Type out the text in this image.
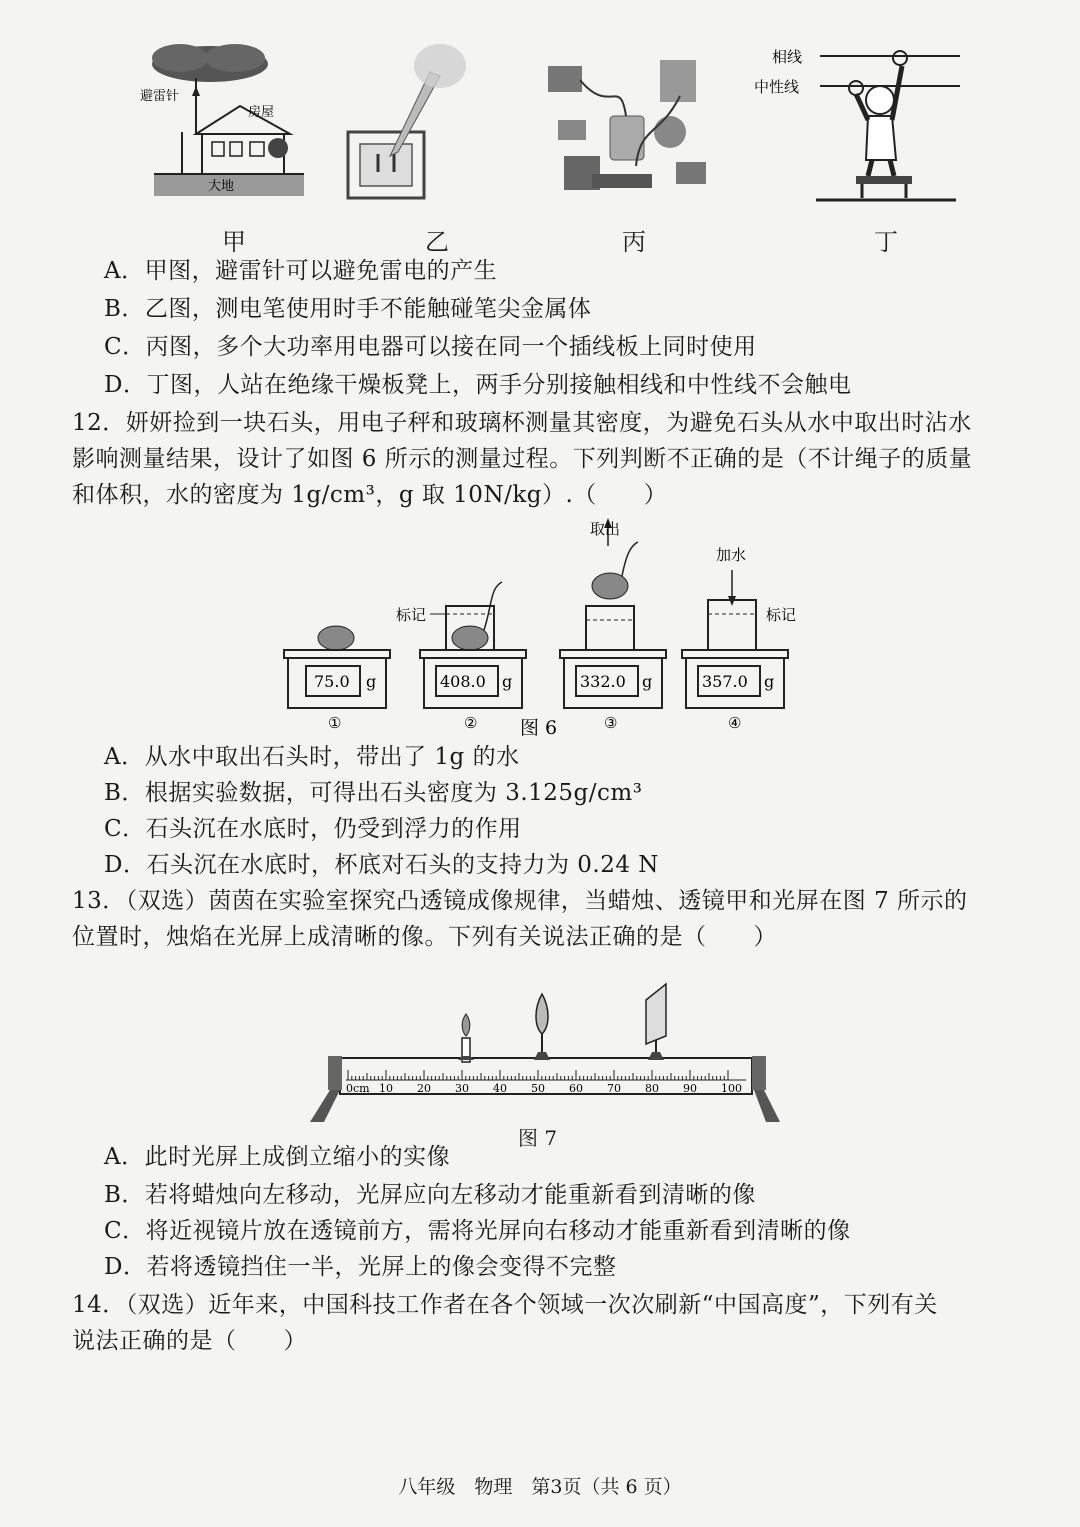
避雷针
房屋
大地
相线
中性线
甲	乙	丙	丁
A．甲图，避雷针可以避免雷电的产生
B．乙图，测电笔使用时手不能触碰笔尖金属体
C．丙图，多个大功率用电器可以接在同一个插线板上同时使用
D．丁图，人站在绝缘干燥板凳上，两手分别接触相线和中性线不会触电
12．妍妍捡到一块石头，用电子秤和玻璃杯测量其密度，为避免石头从水中取出时沾水
影响测量结果，设计了如图 6 所示的测量过程。下列判断不正确的是（不计绳子的质量
和体积，水的密度为 1g/cm³，g 取 10N/kg）.（　　）
75.0 g
①
标记
408.0 g
②
取出
332.0 g
③
加水
标记
357.0 g
④
图 6
A．从水中取出石头时，带出了 1g 的水
B．根据实验数据，可得出石头密度为 3.125g/cm³
C．石头沉在水底时，仍受到浮力的作用
D．石头沉在水底时，杯底对石头的支持力为 0.24 N
13．（双选）茵茵在实验室探究凸透镜成像规律，当蜡烛、透镜甲和光屏在图 7 所示的
位置时，烛焰在光屏上成清晰的像。下列有关说法正确的是（　　）
0cm 10 20 30 40 50 60 70 80 90 100
图 7
A．此时光屏上成倒立缩小的实像
B．若将蜡烛向左移动，光屏应向左移动才能重新看到清晰的像
C．将近视镜片放在透镜前方，需将光屏向右移动才能重新看到清晰的像
D．若将透镜挡住一半，光屏上的像会变得不完整
14．（双选）近年来，中国科技工作者在各个领域一次次刷新“中国高度”，下列有关
说法正确的是（　　）
八年级　物理　第3页（共 6 页）
